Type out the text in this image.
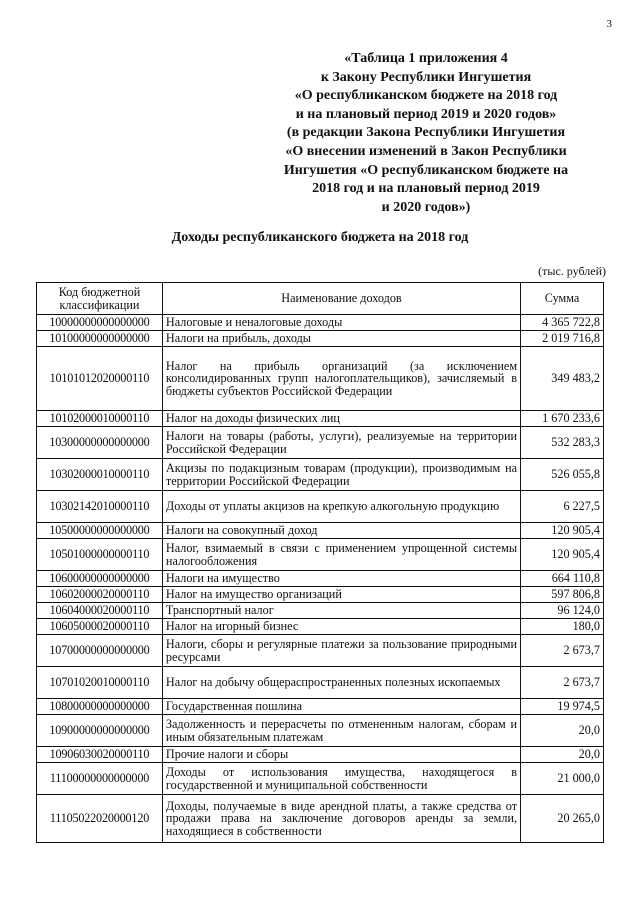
3
«Таблица 1 приложения 4
к Закону Республики Ингушетия
«О республиканском бюджете на 2018 год
и на плановый период 2019 и 2020 годов»
(в редакции Закона Республики Ингушетия
«О внесении изменений в Закон Республики
Ингушетия «О республиканском бюджете на
2018 год и на плановый период 2019
и 2020 годов»)
Доходы республиканского бюджета на 2018 год
(тыс. рублей)
Код бюджетной классификации	Наименование доходов	Сумма
10000000000000000	Налоговые и неналоговые доходы	4 365 722,8
10100000000000000	Налоги на прибыль, доходы	2 019 716,8
10101012020000110	Налог на прибыль организаций (за исключением консолидированных групп налогоплательщиков), зачисляемый в бюджеты субъектов Российской Федерации	349 483,2
10102000010000110	Налог на доходы физических лиц	1 670 233,6
10300000000000000	Налоги на товары (работы, услуги), реализуемые на территории Российской Федерации	532 283,3
10302000010000110	Акцизы по подакцизным товарам (продукции), производимым на территории Российской Федерации	526 055,8
10302142010000110	Доходы от уплаты акцизов на крепкую алкогольную продукцию	6 227,5
10500000000000000	Налоги на совокупный доход	120 905,4
10501000000000110	Налог, взимаемый в связи с применением упрощенной системы налогообложения	120 905,4
10600000000000000	Налоги на имущество	664 110,8
10602000020000110	Налог на имущество организаций	597 806,8
10604000020000110	Транспортный налог	96 124,0
10605000020000110	Налог на игорный бизнес	180,0
10700000000000000	Налоги, сборы и регулярные платежи за пользование природными ресурсами	2 673,7
10701020010000110	Налог на добычу общераспространенных полезных ископаемых	2 673,7
10800000000000000	Государственная пошлина	19 974,5
10900000000000000	Задолженность и перерасчеты по отмененным налогам, сборам и иным обязательным платежам	20,0
10906030020000110	Прочие налоги и сборы	20,0
11100000000000000	Доходы от использования имущества, находящегося в государственной и муниципальной собственности	21 000,0
11105022020000120	Доходы, получаемые в виде арендной платы, а также средства от продажи права на заключение договоров аренды за земли, находящиеся в собственности	20 265,0
